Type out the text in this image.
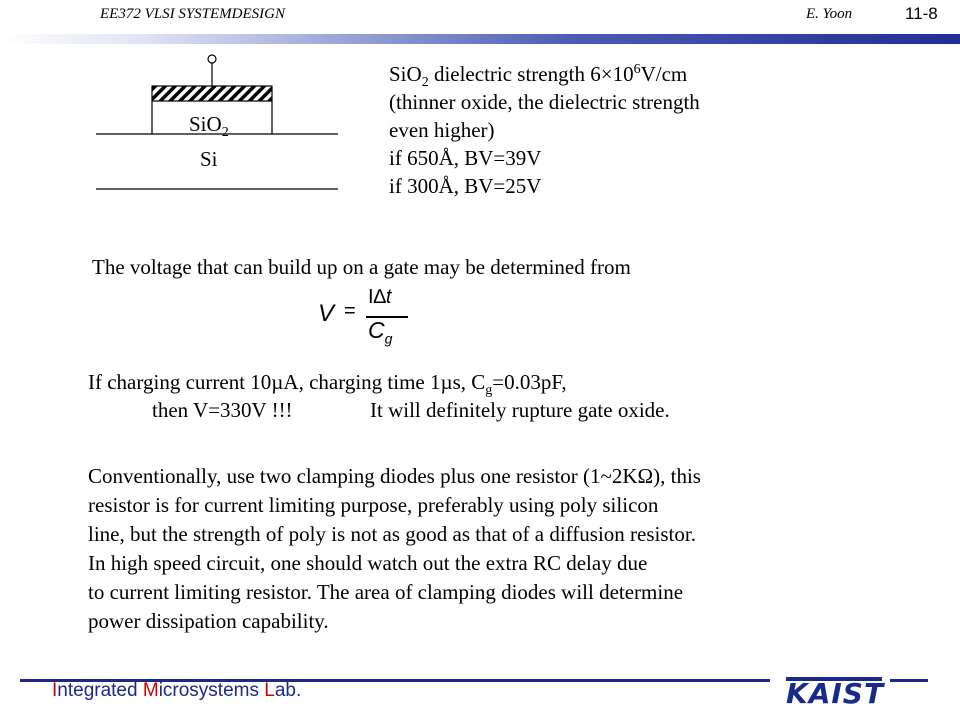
EE372 VLSI SYSTEMDESIGN	E. Yoon	11-8
SiO$_2$
Si
SiO$_2$ dielectric strength $6\times 10^6V/cm$
(thinner oxide, the dielectric strength
even higher)
if 650Å, BV=39V
if 300Å, BV=25V
The voltage that can build up on a gate may be determined from
V =
I∆t
$C_g$
If charging current 10µA, charging time 1µs, $C_g=0.03pF$,
then V=330V !!!	It will definitely rupture gate oxide.
Conventionally, use two clamping diodes plus one resistor (1~2KΩ), this
resistor is for current limiting purpose, preferably using poly silicon
line, but the strength of poly is not as good as that of a diffusion resistor.
In high speed circuit, one should watch out the extra RC delay due
to current limiting resistor. The area of clamping diodes will determine
power dissipation capability.
Integrated Microsystems Lab.	KAIST
